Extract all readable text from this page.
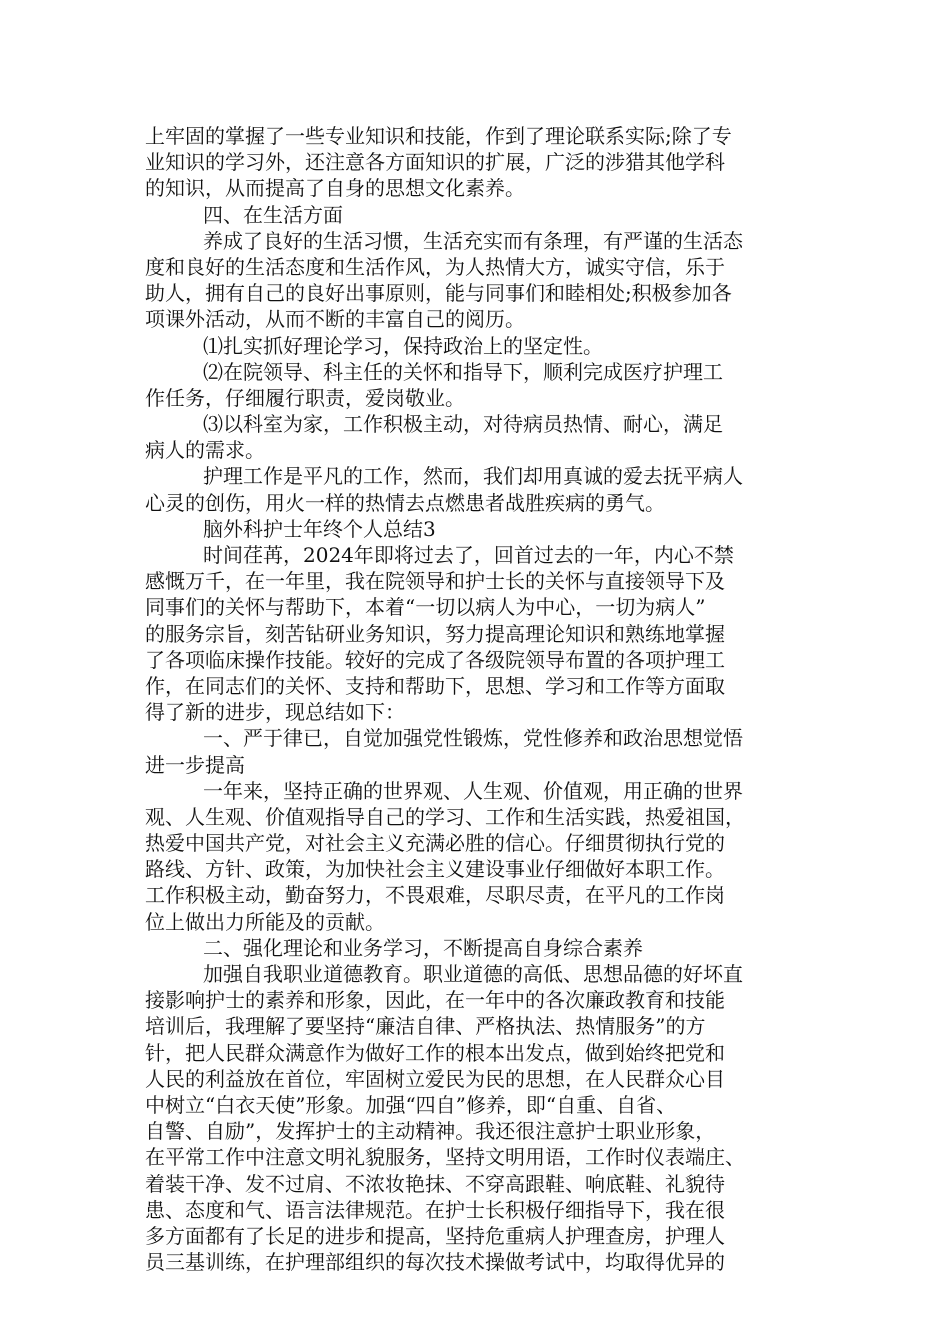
上牢固的掌握了一些专业知识和技能，作到了理论联系实际;除了专
业知识的学习外，还注意各方面知识的扩展，广泛的涉猎其他学科
的知识，从而提高了自身的思想文化素养。
四、在生活方面
养成了良好的生活习惯，生活充实而有条理，有严谨的生活态
度和良好的生活态度和生活作风，为人热情大方，诚实守信，乐于
助人，拥有自己的良好出事原则，能与同事们和睦相处;积极参加各
项课外活动，从而不断的丰富自己的阅历。
⑴扎实抓好理论学习，保持政治上的坚定性。
⑵在院领导、科主任的关怀和指导下，顺利完成医疗护理工
作任务，仔细履行职责，爱岗敬业。
⑶以科室为家，工作积极主动，对待病员热情、耐心，满足
病人的需求。
护理工作是平凡的工作，然而，我们却用真诚的爱去抚平病人
心灵的创伤，用火一样的热情去点燃患者战胜疾病的勇气。
脑外科护士年终个人总结3
时间荏苒，2024年即将过去了，回首过去的一年，内心不禁
感慨万千，在一年里，我在院领导和护士长的关怀与直接领导下及
同事们的关怀与帮助下，本着“一切以病人为中心，一切为病人”
的服务宗旨，刻苦钻研业务知识，努力提高理论知识和熟练地掌握
了各项临床操作技能。较好的完成了各级院领导布置的各项护理工
作，在同志们的关怀、支持和帮助下，思想、学习和工作等方面取
得了新的进步，现总结如下：
一、严于律已，自觉加强党性锻炼，党性修养和政治思想觉悟
进一步提高
一年来，坚持正确的世界观、人生观、价值观，用正确的世界
观、人生观、价值观指导自己的学习、工作和生活实践，热爱祖国，
热爱中国共产党，对社会主义充满必胜的信心。仔细贯彻执行党的
路线、方针、政策，为加快社会主义建设事业仔细做好本职工作。
工作积极主动，勤奋努力，不畏艰难，尽职尽责，在平凡的工作岗
位上做出力所能及的贡献。
二、强化理论和业务学习，不断提高自身综合素养
加强自我职业道德教育。职业道德的高低、思想品德的好坏直
接影响护士的素养和形象，因此，在一年中的各次廉政教育和技能
培训后，我理解了要坚持“廉洁自律、严格执法、热情服务”的方
针，把人民群众满意作为做好工作的根本出发点，做到始终把党和
人民的利益放在首位，牢固树立爱民为民的思想，在人民群众心目
中树立“白衣天使”形象。加强“四自”修养，即“自重、自省、
自警、自励”，发挥护士的主动精神。我还很注意护士职业形象，
在平常工作中注意文明礼貌服务，坚持文明用语，工作时仪表端庄、
着装干净、发不过肩、不浓妆艳抹、不穿高跟鞋、响底鞋、礼貌待
患、态度和气、语言法律规范。在护士长积极仔细指导下，我在很
多方面都有了长足的进步和提高，坚持危重病人护理查房，护理人
员三基训练，在护理部组织的每次技术操做考试中，均取得优异的
